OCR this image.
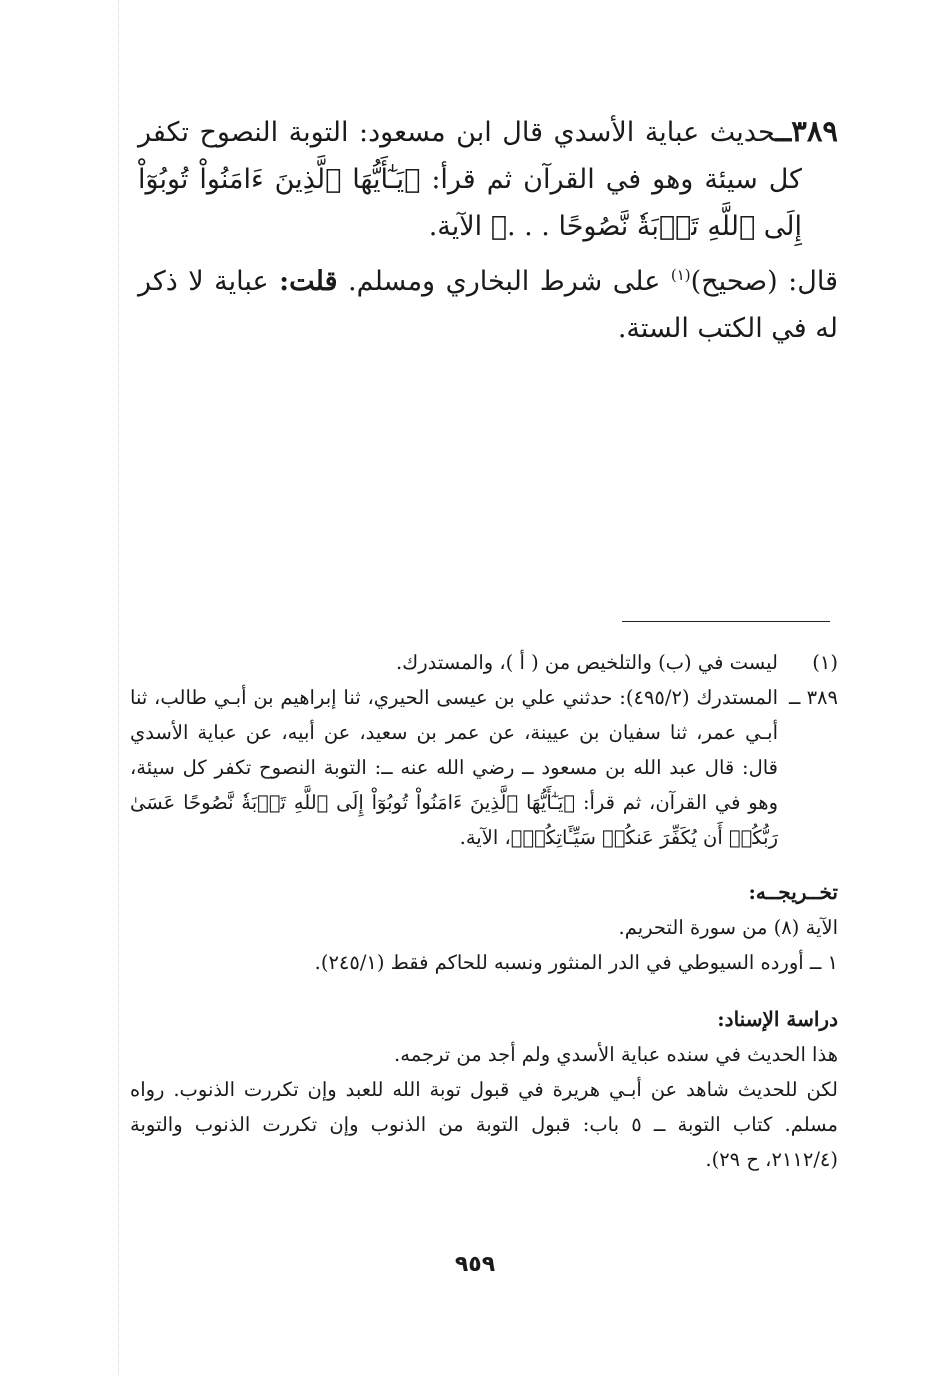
٣٨٩ــحديث عباية الأسدي قال ابن مسعود: التوبة النصوح تكفر كل سيئة وهو في القرآن ثم قرأ: ﴿يَـٰٓأَيُّهَا ٱلَّذِينَ ءَامَنُواْ تُوبُوٓاْ إِلَى ٱللَّهِ تَوۡبَةٗ نَّصُوحًا . . .﴾ الآية.

قال: (صحيح)$^{(١)}$ على شرط البخاري ومسلم. قلت: عباية لا ذكر له في الكتب الستة.

(١)
ليست في (ب) والتلخيص من ( أ )، والمستدرك.
٣٨٩ ــ
المستدرك (٤٩٥/٢): حدثني علي بن عيسى الحيري، ثنا إبراهيم بن أبـي طالب، ثنا أبـي عمر، ثنا سفيان بن عيينة، عن عمر بن سعيد، عن أبيه، عن عباية الأسدي قال: قال عبد الله بن مسعود ــ رضي الله عنه ــ: التوبة النصوح تكفر كل سيئة، وهو في القرآن، ثم قرأ: ﴿يَـٰٓأَيُّهَا ٱلَّذِينَ ءَامَنُواْ تُوبُوٓاْ إِلَى ٱللَّهِ تَوۡبَةٗ نَّصُوحًا عَسَىٰ رَبُّكُمۡ أَن يُكَفِّرَ عَنكُمۡ سَيِّـَٔاتِكُمۡ﴾، الآية.

تخــريجــه:

الآية (٨) من سورة التحريم.

١ ــ أورده السيوطي في الدر المنثور ونسبه للحاكم فقط (٢٤٥/١).

دراسة الإسناد:

هذا الحديث في سنده عباية الأسدي ولم أجد من ترجمه.

لكن للحديث شاهد عن أبـي هريرة في قبول توبة الله للعبد وإن تكررت الذنوب. رواه مسلم. كتاب التوبة ــ ٥ باب: قبول التوبة من الذنوب وإن تكررت الذنوب والتوبة (٢١١٢/٤، ح ٢٩).

٩٥٩
